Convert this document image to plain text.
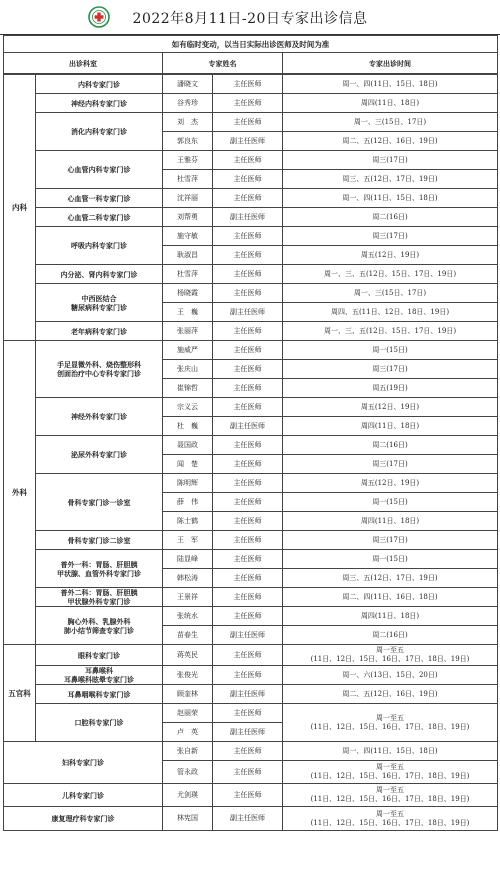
2022年8月11日-20日专家出诊信息
如有临时变动，以当日实际出诊医师及时间为准
出诊科室	专家姓名	专家出诊时间
内科	内科专家门诊	潘晓文	主任医师	周一、四(11日、15日、18日)
	神经内科专家门诊	谷秀珍	主任医师	周四(11日、18日)
	消化内科专家门诊	刘　杰	主任医师	周一、三(15日、17日)
		郭良东	副主任医师	周二、五(12日、16日、19日)
	心血管内科专家门诊	王雅芬	主任医师	周三(17日)
		杜雪萍	主任医师	周三、五(12日、17日、19日)
	心血管一科专家门诊	沈祥丽	主任医师	周一、四(11日、15日、18日)
	心血管二科专家门诊	刘帮勇	副主任医师	周二(16日)
	呼吸内科专家门诊	施守敏	主任医师	周三(17日)
		耿淑昌	主任医师	周五(12日、19日)
	内分泌、肾内科专家门诊	杜雪萍	主任医师	周一、三、五(12日、15日、17日、19日)
	中西医结合
糖尿病科专家门诊	杨晓霞	主任医师	周一、三(15日、17日)
		王　巍	副主任医师	周四、五(11日、12日、18日、19日)
	老年病科专家门诊	张丽萍	主任医师	周一、三、五(12日、15日、17日、19日)
外科	手足显微外科、烧伤整形科
创面治疗中心专科专家门诊	施威严	主任医师	周一(15日)
		张庆山	主任医师	周三(17日)
		崔锦哲	主任医师	周五(19日)
	神经外科专家门诊	宗义云	主任医师	周五(12日、19日)
		杜　巍	副主任医师	周四(11日、18日)
	泌尿外科专家门诊	聂国政	主任医师	周二(16日)
		闻　楚	主任医师	周三(17日)
	骨科专家门诊一诊室	陈明辉	主任医师	周五(12日、19日)
		薛　伟	主任医师	周一(15日)
		陈士鹤	主任医师	周四(11日、18日)
	骨科专家门诊二诊室	王　军	主任医师	周三(17日)
	普外一科：胃肠、肝胆胰
甲状腺、血管外科专家门诊	陆显峰	主任医师	周一(15日)
		韩松涛	主任医师	周三、五(12日、17日、19日)
	普外二科：胃肠、肝胆胰
甲状腺外科专家门诊	王景祥	主任医师	周二、四(11日、16日、18日)
	胸心外科、乳腺外科
肺小结节筛查专家门诊	张统水	主任医师	周四(11日、18日)
		苗春生	副主任医师	周二(16日)
五官科	眼科专家门诊	蒋英民	主任医师	周一至五
(11日、12日、15日、16日、17日、18日、19日)
	耳鼻喉科
耳鼻喉科眩晕专家门诊	张俊光	主任医师	周一、六(13日、15日、20日)
	耳鼻咽喉科专家门诊	顾奎林	副主任医师	周二、五(12日、16日、19日)
	口腔科专家门诊	赵丽荣	主任医师	周一至五
(11日、12日、15日、16日、17日、18日、19日)
		卢　英	副主任医师	
妇科专家门诊		张自新	主任医师	周一、四(11日、15日、18日)
		管永政	主任医师	周一至五
(11日、12日、15日、16日、17日、18日、19日)
儿科专家门诊		尤剑瑛	主任医师	周一至五
(11日、12日、15日、16日、17日、18日、19日)
康复理疗科专家门诊		林宪国	副主任医师	周一至五
(11日、12日、15日、16日、17日、18日、19日)
